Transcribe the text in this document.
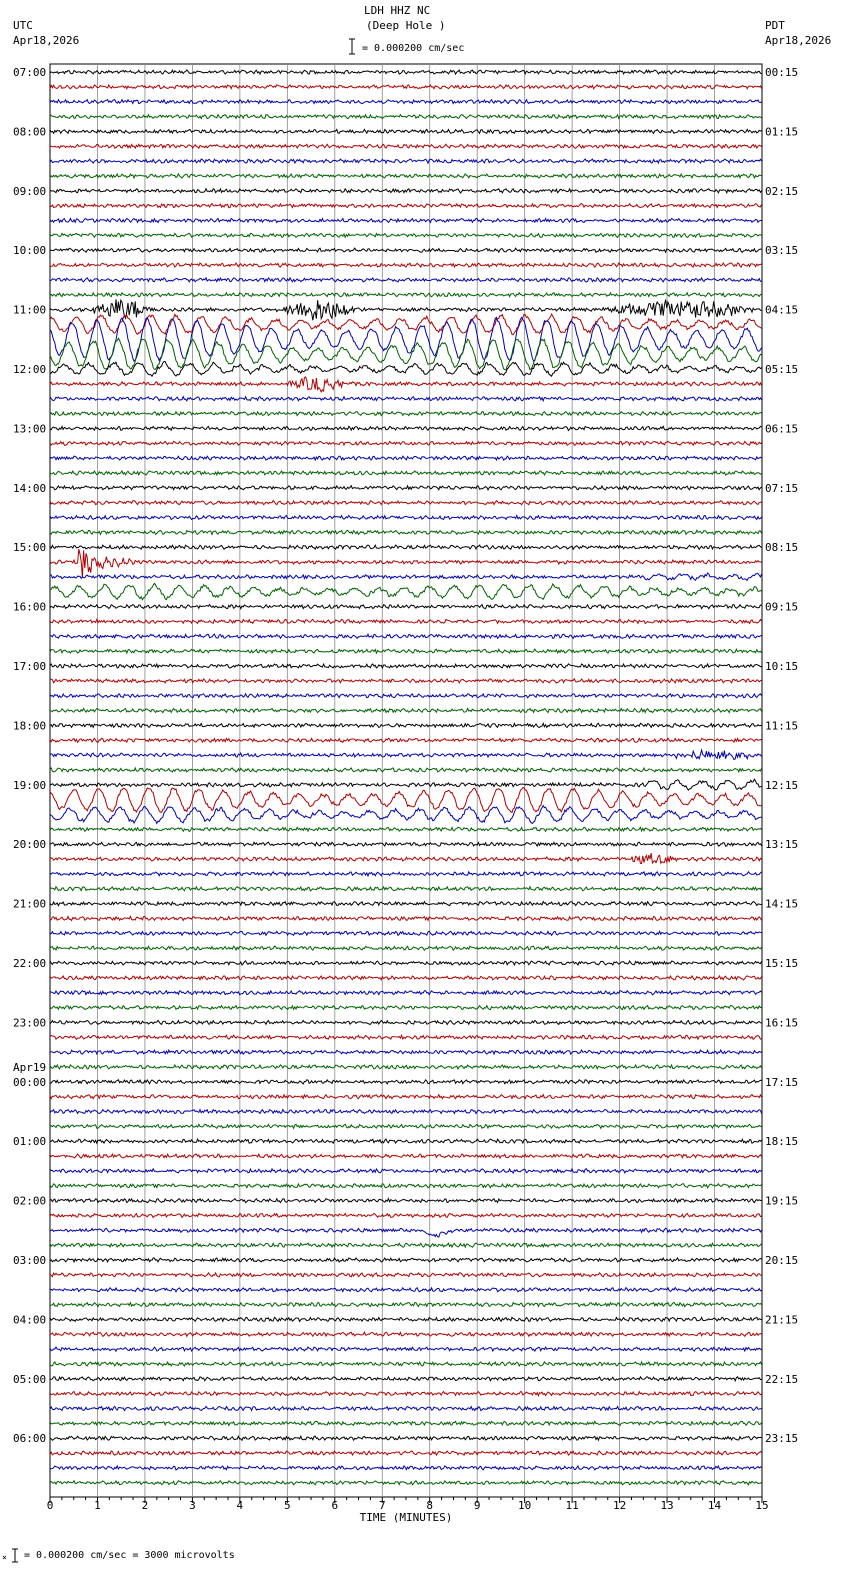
LDH HHZ NC
(Deep Hole )
= 0.000200 cm/sec
UTC
Apr18,2026
PDT
Apr18,2026
07:00	00:15
08:00	01:15
09:00	02:15
10:00	03:15
11:00	04:15
12:00	05:15
13:00	06:15
14:00	07:15
15:00	08:15
16:00	09:15
17:00	10:15
18:00	11:15
19:00	12:15
20:00	13:15
21:00	14:15
22:00	15:15
23:00	16:15
00:00	17:15
01:00	18:15
02:00	19:15
03:00	20:15
04:00	21:15
05:00	22:15
06:00	23:15
Apr19
0	1	2	3	4	5	6	7	8	9	10	11	12	13	14	15
TIME (MINUTES)
× = 0.000200 cm/sec = 3000 microvolts
